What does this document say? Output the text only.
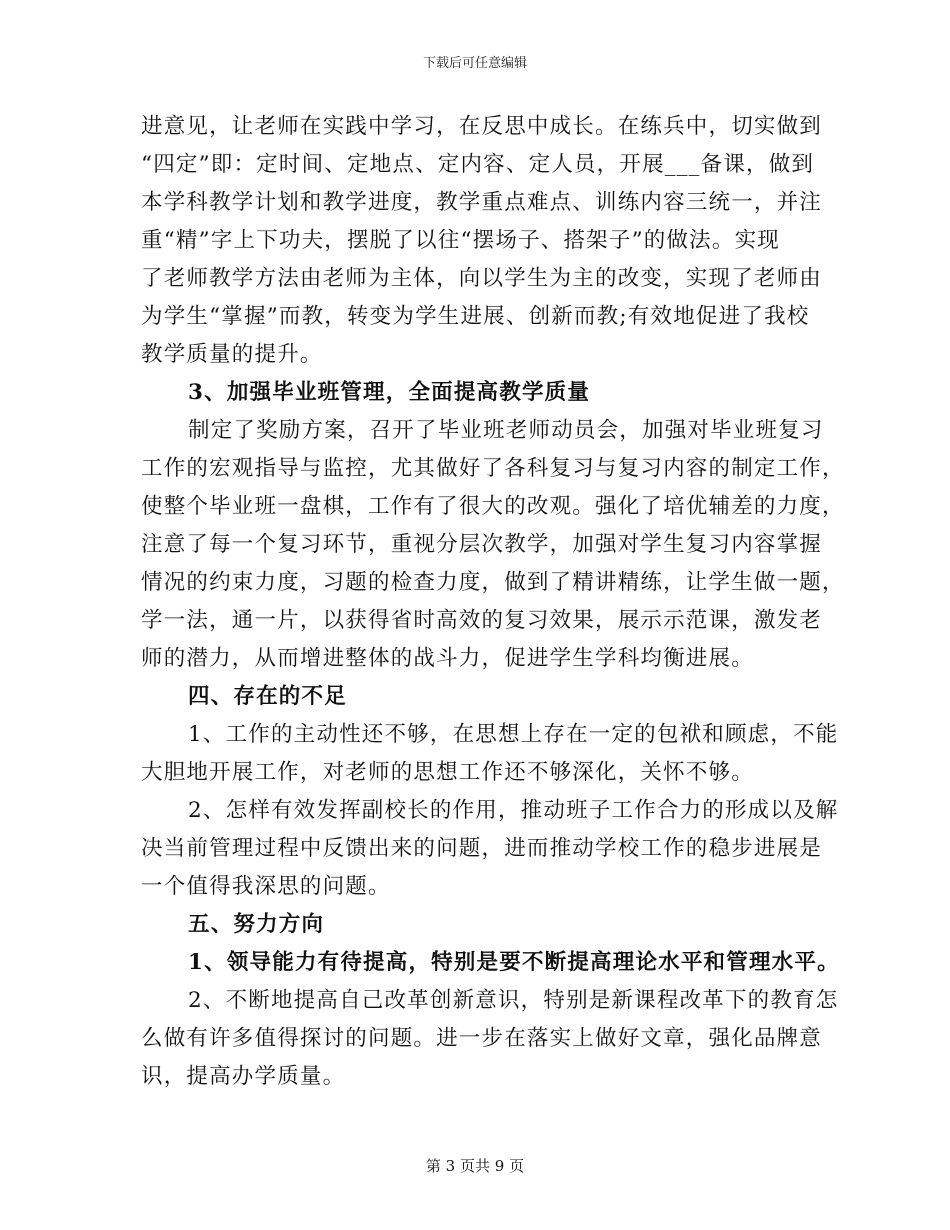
下载后可任意编辑
进意见，让老师在实践中学习，在反思中成长。在练兵中，切实做到
“四定”即：定时间、定地点、定内容、定人员，开展___备课，做到
本学科教学计划和教学进度，教学重点难点、训练内容三统一，并注
重“精”字上下功夫，摆脱了以往“摆场子、搭架子”的做法。实现
了老师教学方法由老师为主体，向以学生为主的改变，实现了老师由
为学生“掌握”而教，转变为学生进展、创新而教;有效地促进了我校
教学质量的提升。
3、加强毕业班管理，全面提高教学质量
制定了奖励方案，召开了毕业班老师动员会，加强对毕业班复习
工作的宏观指导与监控，尤其做好了各科复习与复习内容的制定工作，
使整个毕业班一盘棋，工作有了很大的改观。强化了培优辅差的力度，
注意了每一个复习环节，重视分层次教学，加强对学生复习内容掌握
情况的约束力度，习题的检查力度，做到了精讲精练，让学生做一题，
学一法，通一片，以获得省时高效的复习效果，展示示范课，激发老
师的潜力，从而增进整体的战斗力，促进学生学科均衡进展。
四、存在的不足
1、工作的主动性还不够，在思想上存在一定的包袱和顾虑，不能
大胆地开展工作，对老师的思想工作还不够深化，关怀不够。
2、怎样有效发挥副校长的作用，推动班子工作合力的形成以及解
决当前管理过程中反馈出来的问题，进而推动学校工作的稳步进展是
一个值得我深思的问题。
五、努力方向
1、领导能力有待提高，特别是要不断提高理论水平和管理水平。
2、不断地提高自己改革创新意识，特别是新课程改革下的教育怎
么做有许多值得探讨的问题。进一步在落实上做好文章，强化品牌意
识，提高办学质量。
第 3 页共 9 页
